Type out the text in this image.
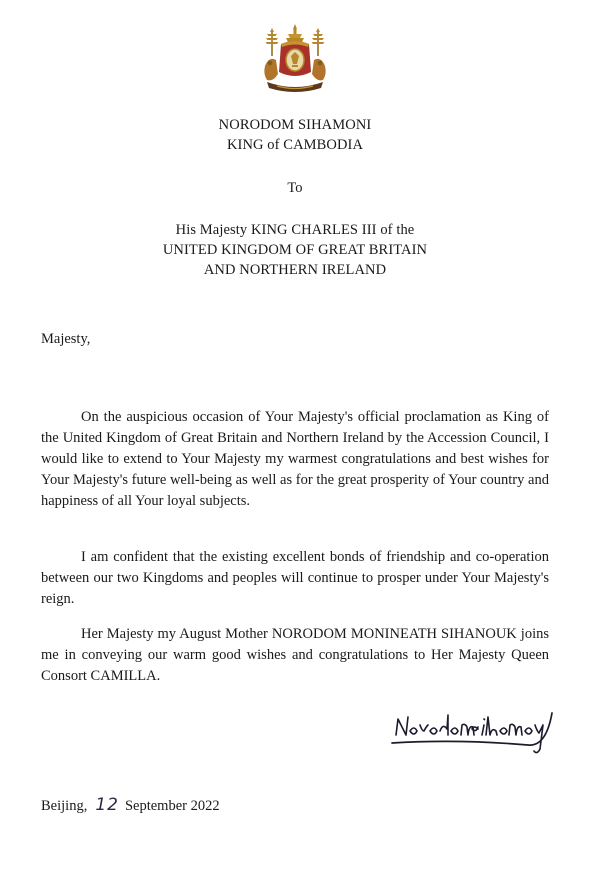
NORODOM SIHAMONI
KING of CAMBODIA
To
His Majesty KING CHARLES III of the
UNITED KINGDOM OF GREAT BRITAIN
AND NORTHERN IRELAND
Majesty,

On the auspicious occasion of Your Majesty's official proclamation as King of the United Kingdom of Great Britain and Northern Ireland by the Accession Council, I would like to extend to Your Majesty my warmest congratulations and best wishes for Your Majesty's future well-being as well as for the great prosperity of Your country and happiness of all Your loyal subjects.

I am confident that the existing excellent bonds of friendship and co-operation between our two Kingdoms and peoples will continue to prosper under Your Majesty's reign.

Her Majesty my August Mother NORODOM MONINEATH SIHANOUK joins me in conveying our warm good wishes and congratulations to Her Majesty Queen Consort CAMILLA.

Beijing, 12 September 2022
